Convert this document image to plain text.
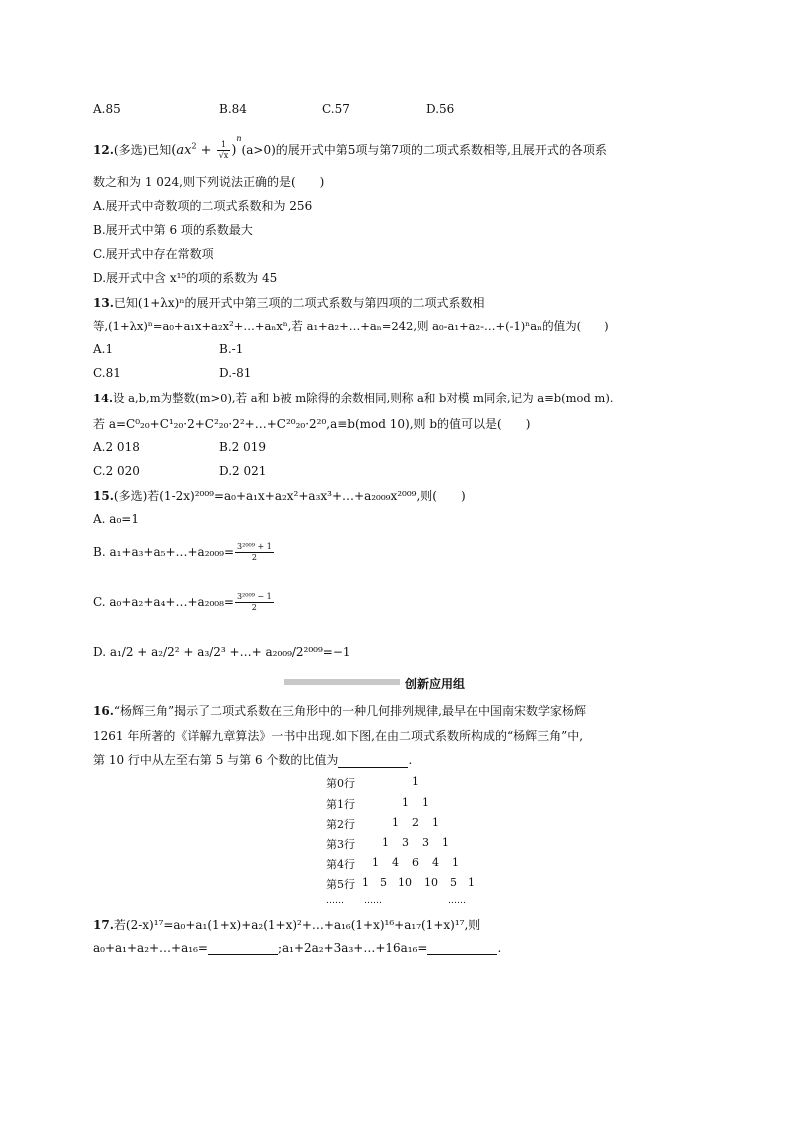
A.85	B.84	C.57	D.56
12.(多选)已知$(ax^2 + \frac{1}{√x} )^n(a>0)$的展开式中第5项与第7项的二项式系数相等,且展开式的各项系
数之和为 1 024,则下列说法正确的是(　　)
A.展开式中奇数项的二项式系数和为 256
B.展开式中第 6 项的系数最大
C.展开式中存在常数项
D.展开式中含 x¹⁵的项的系数为 45
13.已知(1+λx)ⁿ的展开式中第三项的二项式系数与第四项的二项式系数相
等,(1+λx)ⁿ=a₀+a₁x+a₂x²+…+aₙxⁿ,若 a₁+a₂+…+aₙ=242,则 a₀-a₁+a₂-…+(-1)ⁿaₙ的值为(　　)
A.1	B.-1
C.81	D.-81
14.设 a,b,m为整数(m>0),若 a和 b被 m除得的余数相同,则称 a和 b对模 m同余,记为 a≡b(mod m).
若 a=C⁰₂₀+C¹₂₀·2+C²₂₀·2²+…+C²⁰₂₀·2²⁰,a≡b(mod 10),则 b的值可以是(　　)
A.2 018	B.2 019
C.2 020	D.2 021
15.(多选)若(1-2x)²⁰⁰⁹=a₀+a₁x+a₂x²+a₃x³+…+a₂₀₀₉x²⁰⁰⁹,则(　　)
A. a₀=1
B. a₁+a₃+a₅+…+a₂₀₀₉= $\frac{\text{3²⁰⁰⁹ + 1}}{2}$
C. a₀+a₂+a₄+…+a₂₀₀₈= $\frac{\text{3²⁰⁰⁹ − 1}}{2}$
D. a₁/2 + a₂/2² + a₃/2³ +…+ a₂₀₀₉/2²⁰⁰⁹=−1
创新应用组
16.“杨辉三角”揭示了二项式系数在三角形中的一种几何排列规律,最早在中国南宋数学家杨辉
1261 年所著的《详解九章算法》一书中出现.如下图,在由二项式系数所构成的“杨辉三角”中,
第 10 行中从左至右第 5 与第 6 个数的比值为	.
第0行	1
第1行	1 1
第2行	1 2 1
第3行 1 3 3 1
第4行 1 4 6 4 1
第5行 1 5 10 10 5 1
…… ……	……
17.若(2-x)¹⁷=a₀+a₁(1+x)+a₂(1+x)²+…+a₁₆(1+x)¹⁶+a₁₇(1+x)¹⁷,则
a₀+a₁+a₂+…+a₁₆=	;a₁+2a₂+3a₃+…+16a₁₆=	.
